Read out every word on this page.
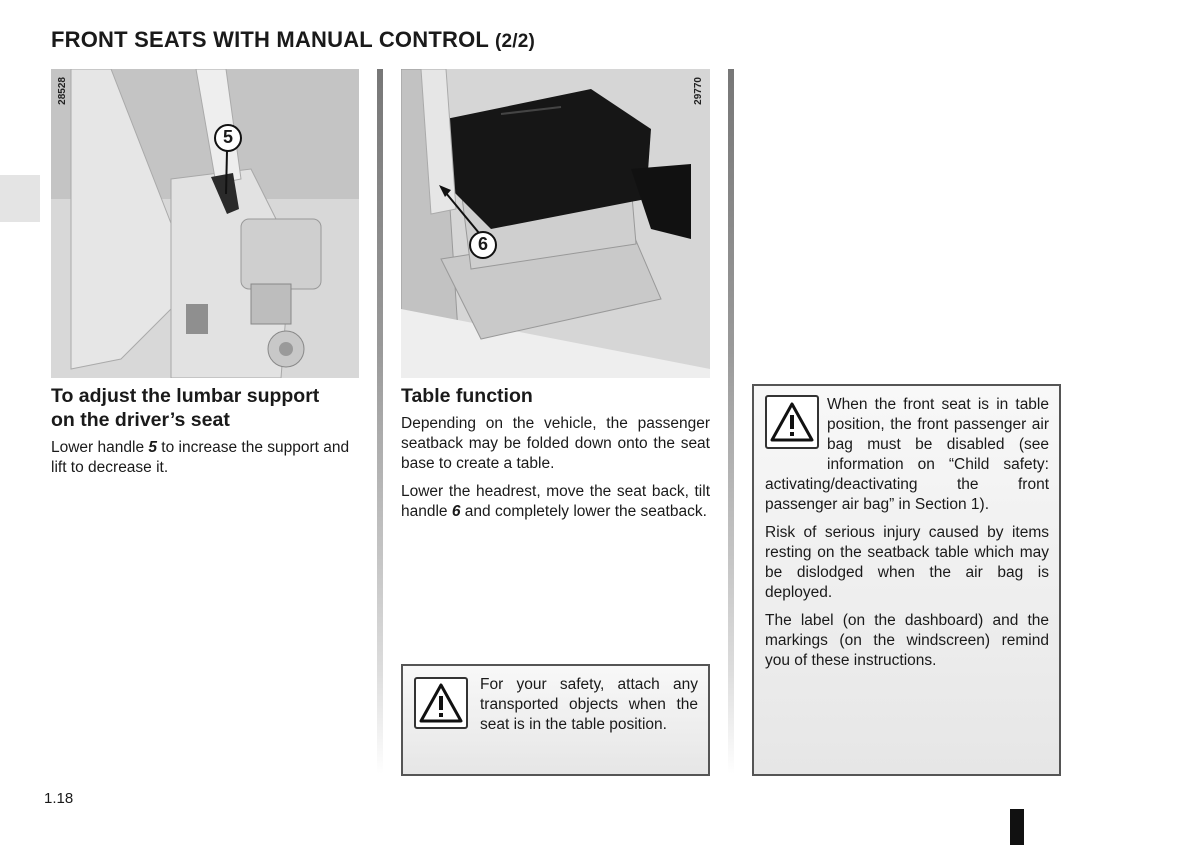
FRONT SEATS WITH MANUAL CONTROL (2/2)
28528
5
29770
6
To adjust the lumbar support
on the driver’s seat

Lower handle 5 to increase the support and lift to decrease it.

Table function

Depending on the vehicle, the passenger seatback may be folded down onto the seat base to create a table.

Lower the headrest, move the seat back, tilt handle 6 and completely lower the seatback.

For your safety, attach any transported objects when the seat is in the table position.

When the front seat is in table position, the front passenger air bag must be disabled (see information on “Child safety: activating/deactivating the front passenger air bag” in Section 1).

Risk of serious injury caused by items resting on the seatback table which may be dislodged when the air bag is deployed.

The label (on the dashboard) and the markings (on the windscreen) remind you of these instructions.

1.18
